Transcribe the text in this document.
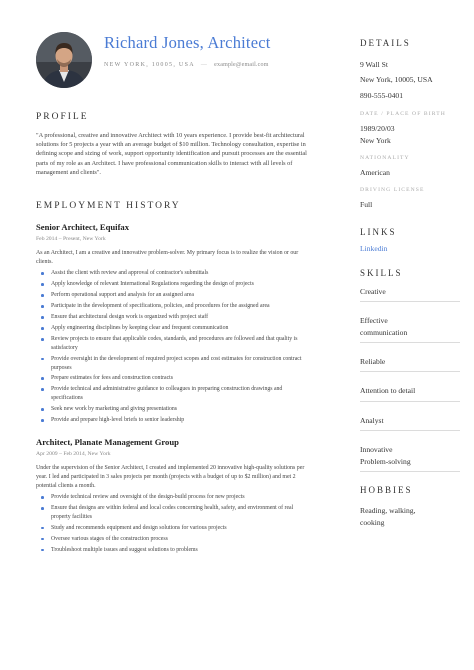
Richard Jones, Architect
NEW YORK, 10005, USA — example@email.com
PROFILE
"A professional, creative and innovative Architect with 10 years experience. I provide best-fit architectural solutions for 5 projects a year with an average budget of $10 million. Technology consultation, expertise in defining scope and sizing of work, support opportunity identification and pursuit processes are the essential parts of my role as an Architect. I have professional communication skills to interact with all levels of management and clients".
EMPLOYMENT HISTORY
Senior Architect, Equifax
Feb 2014 – Present, New York
As an Architect, I am a creative and innovative problem-solver. My primary focus is to realize the vision or our clients.
Assist the client with review and approval of contractor's submittals
Apply knowledge of relevant International Regulations regarding the design of projects
Perform operational support and analysis for an assigned area
Participate in the development of specifications, policies, and procedures for the assigned area
Ensure that architectural design work is organized with project staff
Apply engineering disciplines by keeping clear and frequent communication
Review projects to ensure that applicable codes, standards, and procedures are followed and that quality is satisfactory
Provide oversight in the development of required project scopes and cost estimates for construction contract purposes
Prepare estimates for fees and construction contracts
Provide technical and administrative guidance to colleagues in preparing construction drawings and specifications
Seek new work by marketing and giving presentations
Provide and prepare high-level briefs to senior leadership
Architect, Planate Management Group
Apr 2009 – Feb 2014, New York
Under the supervision of the Senior Architect, I created and implemented 20 innovative high-quality solutions per year. I led and participated in 3 sales projects per month (projects with a budget of up to $2 million) and met 2 potential clients a month.
Provide technical review and oversight of the design-build process for new projects
Ensure that designs are within federal and local codes concerning health, safety, and environment of real property facilities
Study and recommends equipment and design solutions for various projects
Oversee various stages of the construction process
Troubleshoot multiple issues and suggest solutions to problems
DETAILS
9 Wall St
New York, 10005, USA
890-555-0401
DATE / PLACE OF BIRTH
1989/20/03
New York
NATIONALITY
American
DRIVING LICENSE
Full
LINKS
Linkedin
SKILLS
Creative
Effective communication
Reliable
Attention to detail
Analyst
Innovative Problem-solving
HOBBIES
Reading, walking, cooking
